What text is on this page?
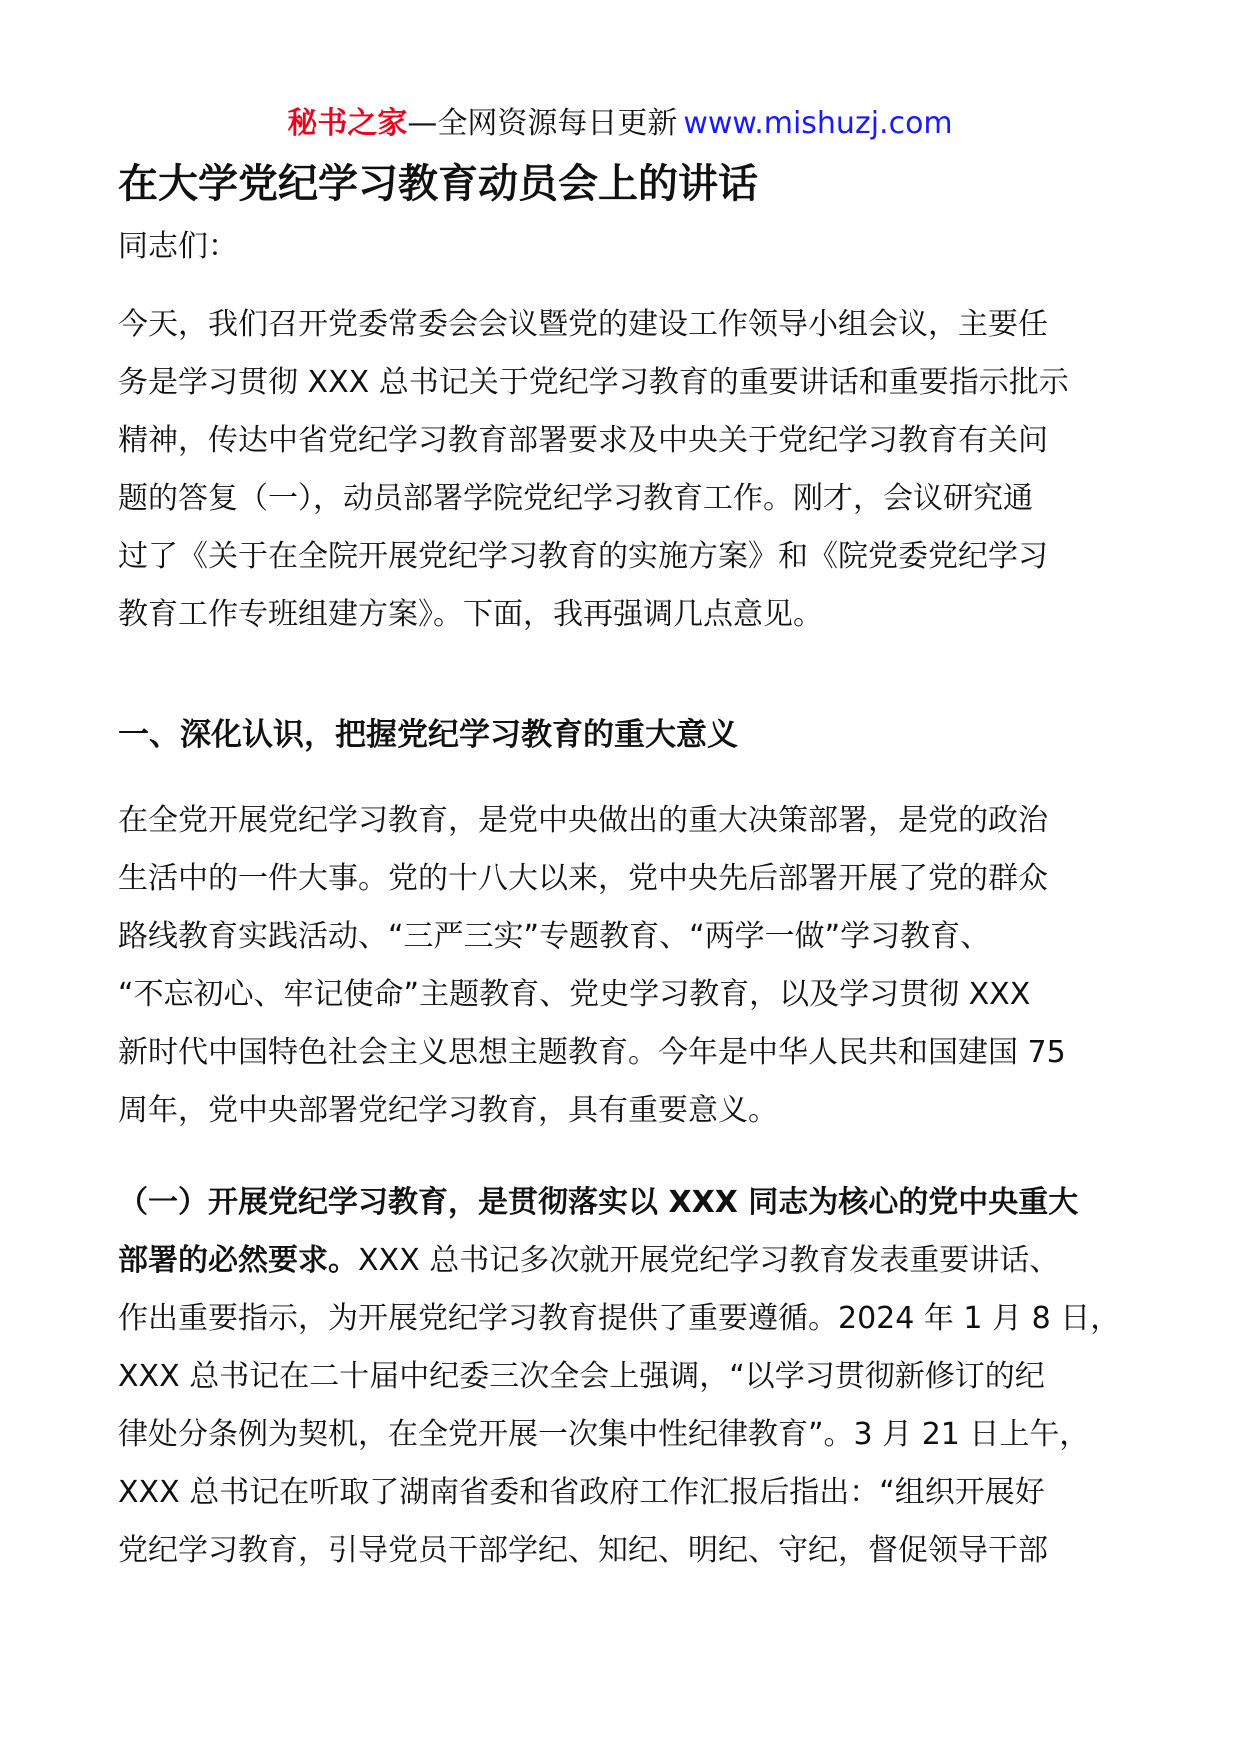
秘书之家—全网资源每日更新 www.mishuzj.com
在大学党纪学习教育动员会上的讲话

同志们：

今天，我们召开党委常委会会议暨党的建设工作领导小组会议，主要任
务是学习贯彻 XXX 总书记关于党纪学习教育的重要讲话和重要指示批示
精神，传达中省党纪学习教育部署要求及中央关于党纪学习教育有关问
题的答复（一），动员部署学院党纪学习教育工作。刚才，会议研究通
过了《关于在全院开展党纪学习教育的实施方案》和《院党委党纪学习
教育工作专班组建方案》。下面，我再强调几点意见。

一、深化认识，把握党纪学习教育的重大意义

在全党开展党纪学习教育，是党中央做出的重大决策部署，是党的政治
生活中的一件大事。党的十八大以来，党中央先后部署开展了党的群众
路线教育实践活动、“三严三实”专题教育、“两学一做”学习教育、
“不忘初心、牢记使命”主题教育、党史学习教育，以及学习贯彻 XXX
新时代中国特色社会主义思想主题教育。今年是中华人民共和国建国 75
周年，党中央部署党纪学习教育，具有重要意义。

（一）开展党纪学习教育，是贯彻落实以 XXX 同志为核心的党中央重大
部署的必然要求。XXX 总书记多次就开展党纪学习教育发表重要讲话、
作出重要指示，为开展党纪学习教育提供了重要遵循。2024 年 1 月 8 日，
XXX 总书记在二十届中纪委三次全会上强调，“以学习贯彻新修订的纪
律处分条例为契机，在全党开展一次集中性纪律教育”。3 月 21 日上午，
XXX 总书记在听取了湖南省委和省政府工作汇报后指出：“组织开展好
党纪学习教育，引导党员干部学纪、知纪、明纪、守纪，督促领导干部
